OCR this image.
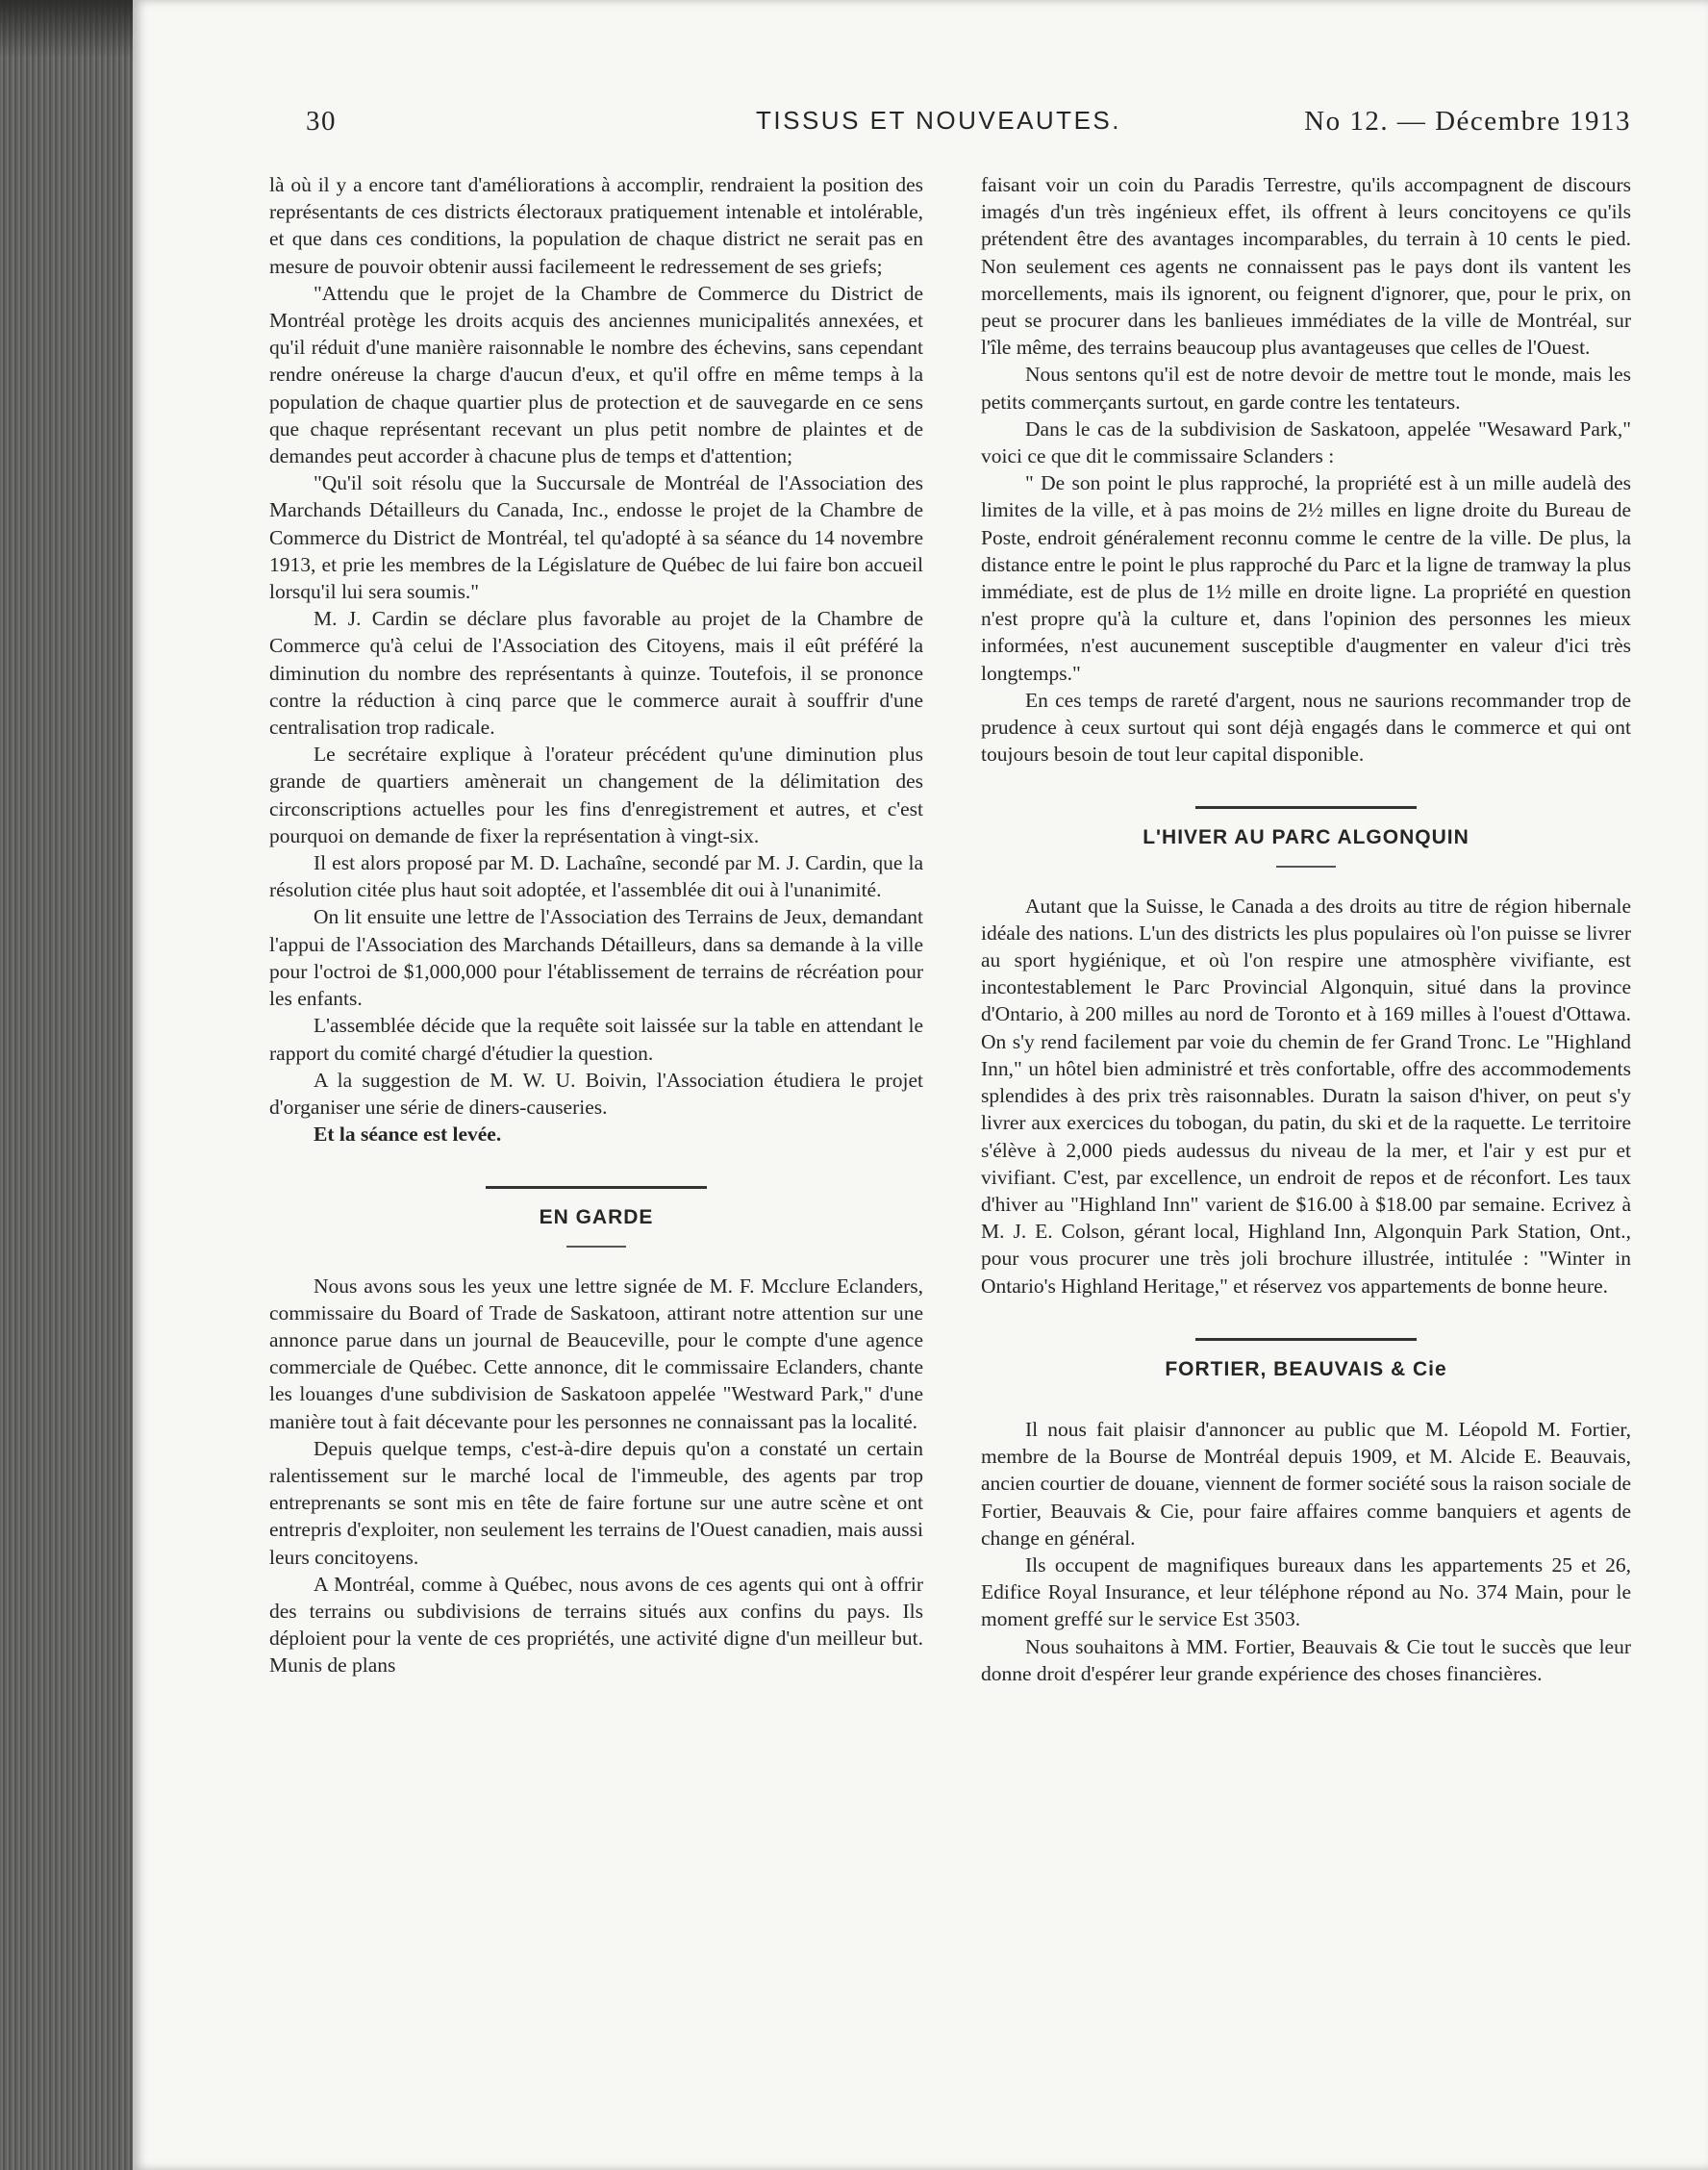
30	TISSUS ET NOUVEAUTES.	No 12. — Décembre 1913

là où il y a encore tant d'améliorations à accomplir, rendraient la position des représentants de ces districts électoraux pratiquement intenable et intolérable, et que dans ces conditions, la population de chaque district ne serait pas en mesure de pouvoir obtenir aussi facilemeent le redressement de ses griefs;

"Attendu que le projet de la Chambre de Commerce du District de Montréal protège les droits acquis des anciennes municipalités annexées, et qu'il réduit d'une manière raisonnable le nombre des échevins, sans cependant rendre onéreuse la charge d'aucun d'eux, et qu'il offre en même temps à la population de chaque quartier plus de protection et de sauvegarde en ce sens que chaque représentant recevant un plus petit nombre de plaintes et de demandes peut accorder à chacune plus de temps et d'attention;

"Qu'il soit résolu que la Succursale de Montréal de l'Association des Marchands Détailleurs du Canada, Inc., endosse le projet de la Chambre de Commerce du District de Montréal, tel qu'adopté à sa séance du 14 novembre 1913, et prie les membres de la Législature de Québec de lui faire bon accueil lorsqu'il lui sera soumis."

M. J. Cardin se déclare plus favorable au projet de la Chambre de Commerce qu'à celui de l'Association des Citoyens, mais il eût préféré la diminution du nombre des représentants à quinze. Toutefois, il se prononce contre la réduction à cinq parce que le commerce aurait à souffrir d'une centralisation trop radicale.

Le secrétaire explique à l'orateur précédent qu'une diminution plus grande de quartiers amènerait un changement de la délimitation des circonscriptions actuelles pour les fins d'enregistrement et autres, et c'est pourquoi on demande de fixer la représentation à vingt-six.

Il est alors proposé par M. D. Lachaîne, secondé par M. J. Cardin, que la résolution citée plus haut soit adoptée, et l'assemblée dit oui à l'unanimité.

On lit ensuite une lettre de l'Association des Terrains de Jeux, demandant l'appui de l'Association des Marchands Détailleurs, dans sa demande à la ville pour l'octroi de $1,000,000 pour l'établissement de terrains de récréation pour les enfants.

L'assemblée décide que la requête soit laissée sur la table en attendant le rapport du comité chargé d'étudier la question.

A la suggestion de M. W. U. Boivin, l'Association étudiera le projet d'organiser une série de diners-causeries.

Et la séance est levée.

EN GARDE

Nous avons sous les yeux une lettre signée de M. F. Mcclure Eclanders, commissaire du Board of Trade de Saskatoon, attirant notre attention sur une annonce parue dans un journal de Beauceville, pour le compte d'une agence commerciale de Québec. Cette annonce, dit le commissaire Eclanders, chante les louanges d'une subdivision de Saskatoon appelée "Westward Park," d'une manière tout à fait décevante pour les personnes ne connaissant pas la localité.

Depuis quelque temps, c'est-à-dire depuis qu'on a constaté un certain ralentissement sur le marché local de l'immeuble, des agents par trop entreprenants se sont mis en tête de faire fortune sur une autre scène et ont entrepris d'exploiter, non seulement les terrains de l'Ouest canadien, mais aussi leurs concitoyens.

A Montréal, comme à Québec, nous avons de ces agents qui ont à offrir des terrains ou subdivisions de terrains situés aux confins du pays. Ils déploient pour la vente de ces propriétés, une activité digne d'un meilleur but. Munis de plans

faisant voir un coin du Paradis Terrestre, qu'ils accompagnent de discours imagés d'un très ingénieux effet, ils offrent à leurs concitoyens ce qu'ils prétendent être des avantages incomparables, du terrain à 10 cents le pied. Non seulement ces agents ne connaissent pas le pays dont ils vantent les morcellements, mais ils ignorent, ou feignent d'ignorer, que, pour le prix, on peut se procurer dans les banlieues immédiates de la ville de Montréal, sur l'île même, des terrains beaucoup plus avantageuses que celles de l'Ouest.

Nous sentons qu'il est de notre devoir de mettre tout le monde, mais les petits commerçants surtout, en garde contre les tentateurs.

Dans le cas de la subdivision de Saskatoon, appelée "Wesaward Park," voici ce que dit le commissaire Sclanders :

" De son point le plus rapproché, la propriété est à un mille audelà des limites de la ville, et à pas moins de 2½ milles en ligne droite du Bureau de Poste, endroit généralement reconnu comme le centre de la ville. De plus, la distance entre le point le plus rapproché du Parc et la ligne de tramway la plus immédiate, est de plus de 1½ mille en droite ligne. La propriété en question n'est propre qu'à la culture et, dans l'opinion des personnes les mieux informées, n'est aucunement susceptible d'augmenter en valeur d'ici très longtemps."

En ces temps de rareté d'argent, nous ne saurions recommander trop de prudence à ceux surtout qui sont déjà engagés dans le commerce et qui ont toujours besoin de tout leur capital disponible.

L'HIVER AU PARC ALGONQUIN

Autant que la Suisse, le Canada a des droits au titre de région hibernale idéale des nations. L'un des districts les plus populaires où l'on puisse se livrer au sport hygiénique, et où l'on respire une atmosphère vivifiante, est incontestablement le Parc Provincial Algonquin, situé dans la province d'Ontario, à 200 milles au nord de Toronto et à 169 milles à l'ouest d'Ottawa. On s'y rend facilement par voie du chemin de fer Grand Tronc. Le "Highland Inn," un hôtel bien administré et très confortable, offre des accommodements splendides à des prix très raisonnables. Duratn la saison d'hiver, on peut s'y livrer aux exercices du tobogan, du patin, du ski et de la raquette. Le territoire s'élève à 2,000 pieds audessus du niveau de la mer, et l'air y est pur et vivifiant. C'est, par excellence, un endroit de repos et de réconfort. Les taux d'hiver au "Highland Inn" varient de $16.00 à $18.00 par semaine. Ecrivez à M. J. E. Colson, gérant local, Highland Inn, Algonquin Park Station, Ont., pour vous procurer une très joli brochure illustrée, intitulée : "Winter in Ontario's Highland Heritage," et réservez vos appartements de bonne heure.

FORTIER, BEAUVAIS & Cie

Il nous fait plaisir d'annoncer au public que M. Léopold M. Fortier, membre de la Bourse de Montréal depuis 1909, et M. Alcide E. Beauvais, ancien courtier de douane, viennent de former société sous la raison sociale de Fortier, Beauvais & Cie, pour faire affaires comme banquiers et agents de change en général.

Ils occupent de magnifiques bureaux dans les appartements 25 et 26, Edifice Royal Insurance, et leur téléphone répond au No. 374 Main, pour le moment greffé sur le service Est 3503.

Nous souhaitons à MM. Fortier, Beauvais & Cie tout le succès que leur donne droit d'espérer leur grande expérience des choses financières.
